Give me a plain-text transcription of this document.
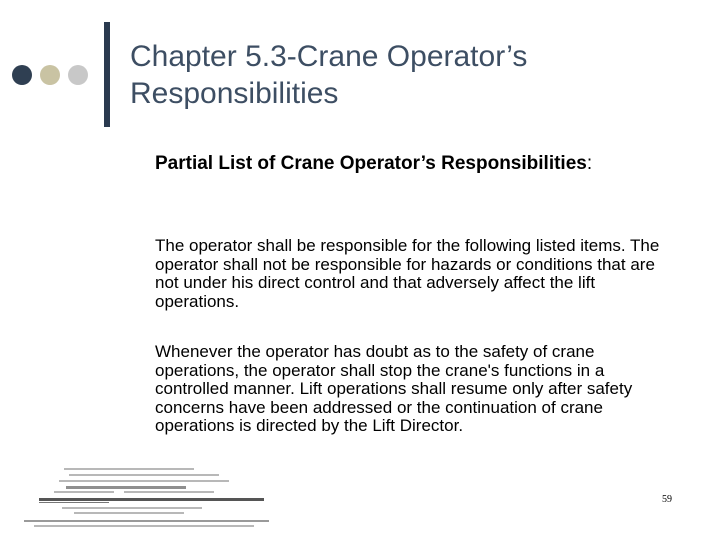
Chapter 5.3-Crane Operator’s
Responsibilities

Partial List of Crane Operator’s Responsibilities:

The operator shall be responsible for the following listed items. The operator shall not be responsible for hazards or conditions that are not under his direct control and that adversely affect the lift operations.

Whenever the operator has doubt as to the safety of crane operations, the operator shall stop the crane's functions in a controlled manner. Lift operations shall resume only after safety concerns have been addressed or the continuation of crane operations is directed by the Lift Director.

59
